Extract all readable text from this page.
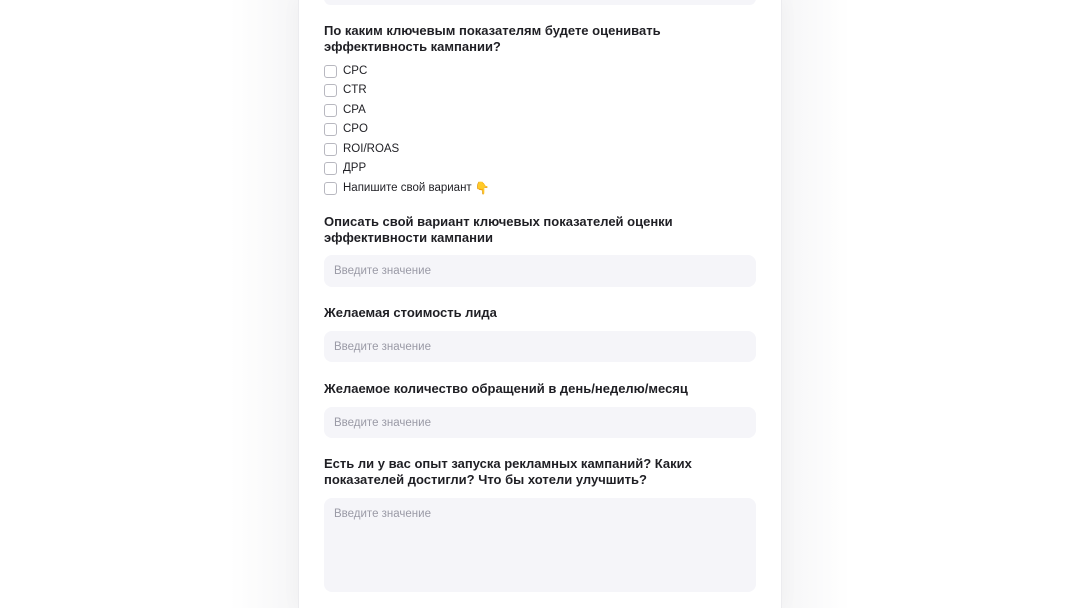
По каким ключевым показателям будете оценивать эффективность кампании?
CPC
CTR
CPA
CPO
ROI/ROAS
ДРР
Напишите свой вариант 👇
Описать свой вариант ключевых показателей оценки эффективности кампании
Введите значение
Желаемая стоимость лида
Введите значение
Желаемое количество обращений в день/неделю/месяц
Введите значение
Есть ли у вас опыт запуска рекламных кампаний? Каких показателей достигли? Что бы хотели улучшить?
Введите значение
